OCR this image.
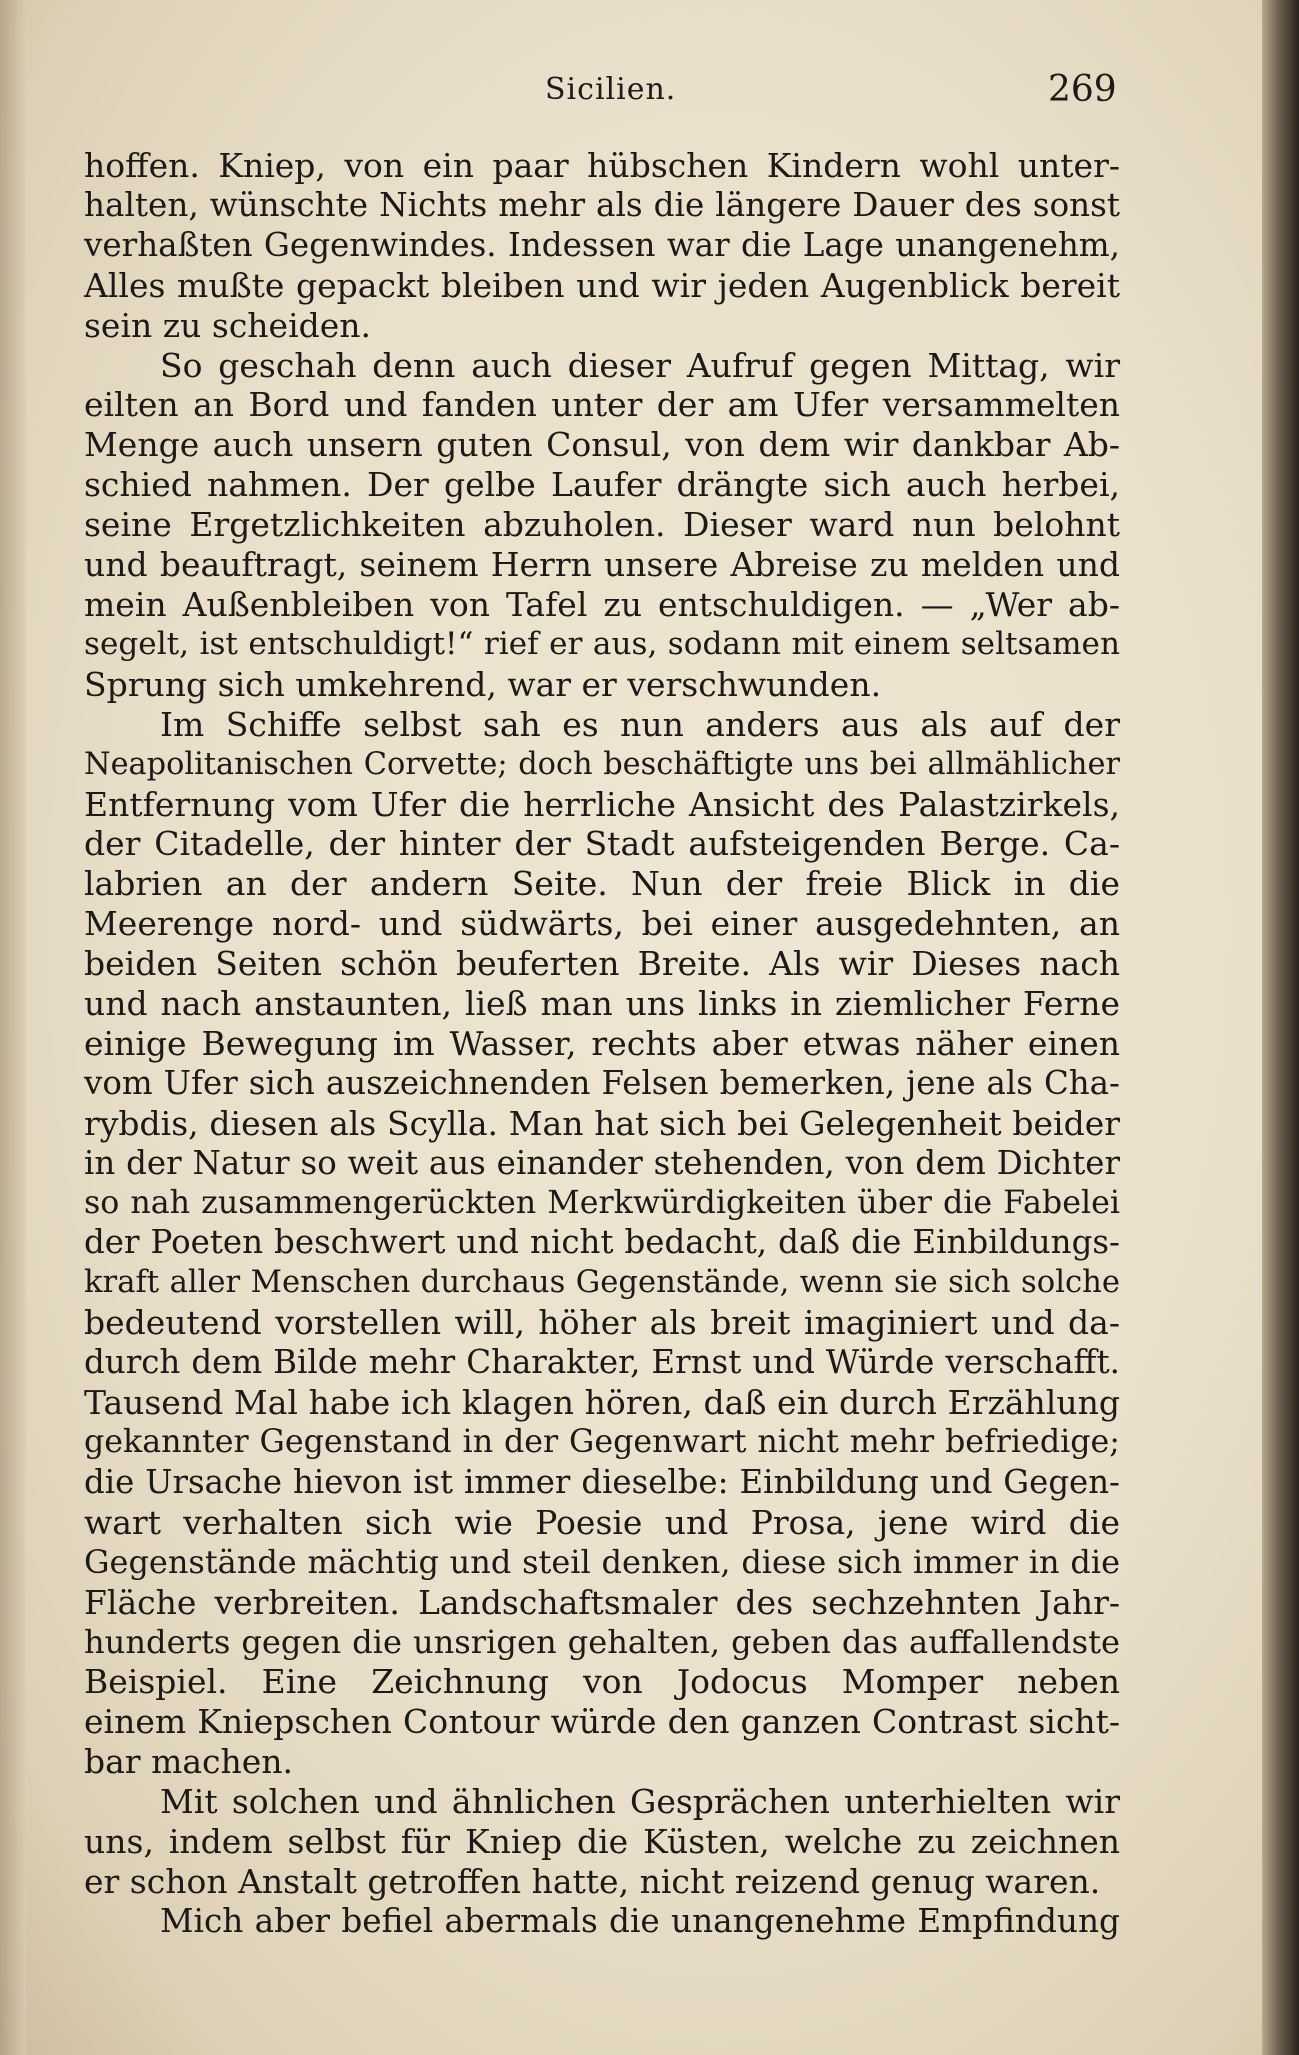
Sicilien.	269
hoffen. Kniep, von ein paar hübschen Kindern wohl unter-
halten, wünschte Nichts mehr als die längere Dauer des sonst
verhaßten Gegenwindes. Indessen war die Lage unangenehm,
Alles mußte gepackt bleiben und wir jeden Augenblick bereit
sein zu scheiden.
So geschah denn auch dieser Aufruf gegen Mittag, wir
eilten an Bord und fanden unter der am Ufer versammelten
Menge auch unsern guten Consul, von dem wir dankbar Ab-
schied nahmen. Der gelbe Laufer drängte sich auch herbei,
seine Ergetzlichkeiten abzuholen. Dieser ward nun belohnt
und beauftragt, seinem Herrn unsere Abreise zu melden und
mein Außenbleiben von Tafel zu entschuldigen. — „Wer ab-
segelt, ist entschuldigt!“ rief er aus, sodann mit einem seltsamen
Sprung sich umkehrend, war er verschwunden.
Im Schiffe selbst sah es nun anders aus als auf der
Neapolitanischen Corvette; doch beschäftigte uns bei allmählicher
Entfernung vom Ufer die herrliche Ansicht des Palastzirkels,
der Citadelle, der hinter der Stadt aufsteigenden Berge. Ca-
labrien an der andern Seite. Nun der freie Blick in die
Meerenge nord- und südwärts, bei einer ausgedehnten, an
beiden Seiten schön beuferten Breite. Als wir Dieses nach
und nach anstaunten, ließ man uns links in ziemlicher Ferne
einige Bewegung im Wasser, rechts aber etwas näher einen
vom Ufer sich auszeichnenden Felsen bemerken, jene als Cha-
rybdis, diesen als Scylla. Man hat sich bei Gelegenheit beider
in der Natur so weit aus einander stehenden, von dem Dichter
so nah zusammengerückten Merkwürdigkeiten über die Fabelei
der Poeten beschwert und nicht bedacht, daß die Einbildungs-
kraft aller Menschen durchaus Gegenstände, wenn sie sich solche
bedeutend vorstellen will, höher als breit imaginiert und da-
durch dem Bilde mehr Charakter, Ernst und Würde verschafft.
Tausend Mal habe ich klagen hören, daß ein durch Erzählung
gekannter Gegenstand in der Gegenwart nicht mehr befriedige;
die Ursache hievon ist immer dieselbe: Einbildung und Gegen-
wart verhalten sich wie Poesie und Prosa, jene wird die
Gegenstände mächtig und steil denken, diese sich immer in die
Fläche verbreiten. Landschaftsmaler des sechzehnten Jahr-
hunderts gegen die unsrigen gehalten, geben das auffallendste
Beispiel. Eine Zeichnung von Jodocus Momper neben
einem Kniepschen Contour würde den ganzen Contrast sicht-
bar machen.
Mit solchen und ähnlichen Gesprächen unterhielten wir
uns, indem selbst für Kniep die Küsten, welche zu zeichnen
er schon Anstalt getroffen hatte, nicht reizend genug waren.
Mich aber befiel abermals die unangenehme Empfindung
